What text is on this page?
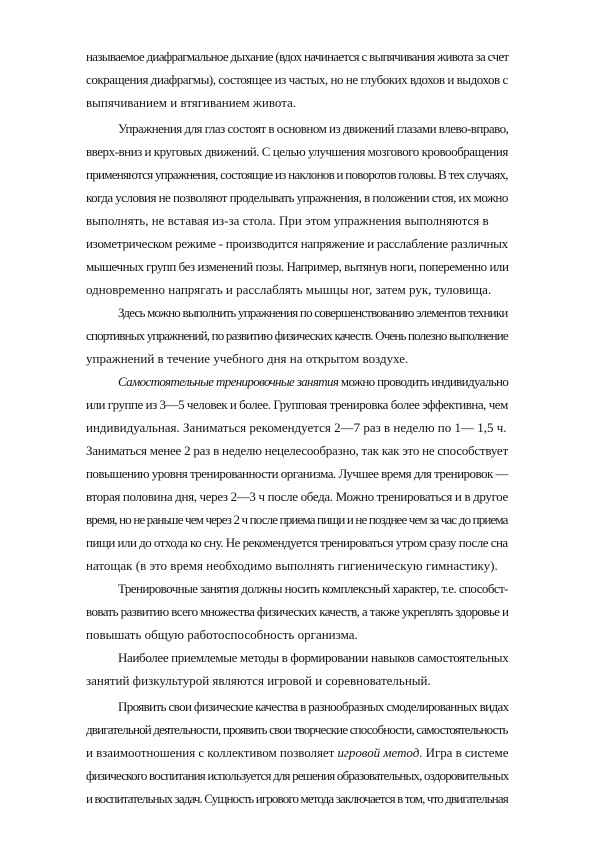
называемое диафрагмальное дыхание (вдох начинается с выпячивания живота за счет
сокращения диафрагмы), состоящее из частых, но не глубоких вдохов и выдохов с
выпячиванием и втягиванием живота.
Упражнения для глаз состоят в основном из движений глазами влево-вправо,
вверх-вниз и круговых движений. С целью улучшения мозгового кровообращения
применяются упражнения, состоящие из наклонов и поворотов головы. В тех случаях,
когда условия не позволяют проделывать упражнения, в положении стоя, их можно
выполнять, не вставая из-за стола. При этом упражнения выполняются в
изометрическом режиме - производится напряжение и расслабление различных
мышечных групп без изменений позы. Например, вытянув ноги, попеременно или
одновременно напрягать и расслаблять мышцы ног, затем рук, туловища.
Здесь можно выполнить упражнения по совершенствованию элементов техники
спортивных упражнений, по развитию физических качеств. Очень полезно выполнение
упражнений в течение учебного дня на открытом воздухе.
Самостоятельные тренировочные занятия можно проводить индивидуально
или группе из 3—5 человек и более. Групповая тренировка более эффективна, чем
индивидуальная. Заниматься рекомендуется 2—7 раз в неделю по 1— 1,5 ч.
Заниматься менее 2 раз в неделю нецелесообразно, так как это не способствует
повышению уровня тренированности организма. Лучшее время для тренировок —
вторая половина дня, через 2—3 ч после обеда. Можно тренироваться и в другое
время, но не раньше чем через 2 ч после приема пищи и не позднее чем за час до приема
пищи или до отхода ко сну. Не рекомендуется тренироваться утром сразу после сна
натощак (в это время необходимо выполнять гигиеническую гимнастику).
Тренировочные занятия должны носить комплексный характер, т.е. способст-
вовать развитию всего множества физических качеств, а также укреплять здоровье и
повышать общую работоспособность организма.
Наиболее приемлемые методы в формировании навыков самостоятельных
занятий физкультурой являются игровой и соревновательный.
Проявить свои физические качества в разнообразных смоделированных видах
двигательной деятельности, проявить свои творческие способности, самостоятельность
и взаимоотношения с коллективом позволяет игровой метод. Игра в системе
физического воспитания используется для решения образовательных, оздоровительных
и воспитательных задач. Сущность игрового метода заключается в том, что двигательная
